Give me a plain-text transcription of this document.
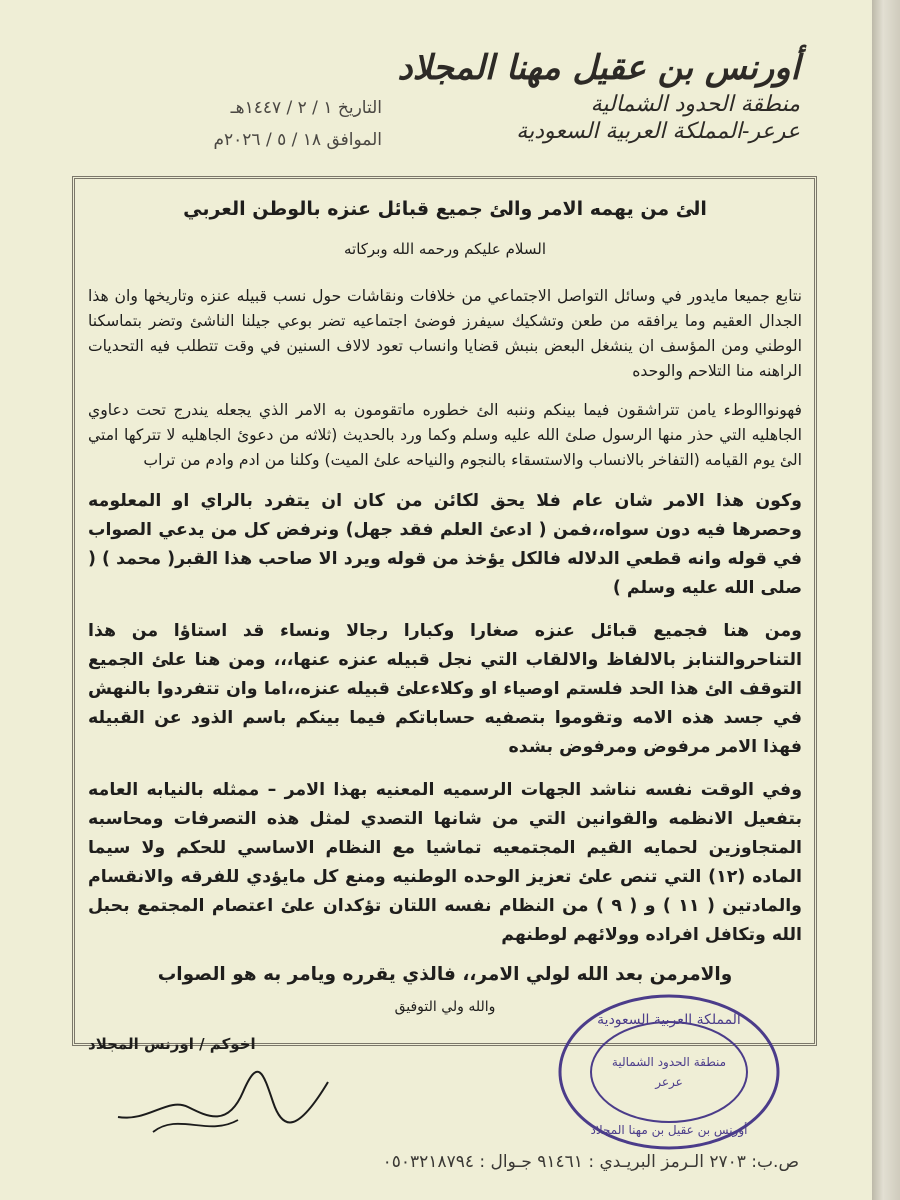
أورنس بن عقيل مهنا المجلاد
منطقة الحدود الشمالية
عرعر-المملكة العربية السعودية
التاريخ ١ / ٢ / ١٤٤٧هـ
الموافق ١٨ / ٥ / ٢٠٢٦م
الئ من يهمه الامر والئ جميع قبائل عنزه بالوطن العربي
السلام عليكم ورحمه الله وبركاته

نتابع جميعا مايدور في وسائل التواصل الاجتماعي من خلافات ونقاشات حول نسب قبيله عنزه وتاريخها وان هذا الجدال العقيم وما يرافقه من طعن وتشكيك سيفرز فوضئ اجتماعيه تضر بوعي جيلنا الناشئ وتضر بتماسكنا الوطني ومن المؤسف ان ينشغل البعض بنبش قضايا وانساب تعود لالاف السنين في وقت تتطلب فيه التحديات الراهنه منا التلاحم والوحده

فهونواالوطء يامن تتراشقون فيما بينكم وننبه الئ خطوره ماتقومون به الامر الذي يجعله يندرج تحت دعاوي الجاهليه التي حذر منها الرسول صلئ الله عليه وسلم وكما ورد بالحديث (ثلاثه من دعوئ الجاهليه لا تتركها امتي الئ يوم القيامه (التفاخر بالانساب والاستسقاء بالنجوم والنياحه علئ الميت) وكلنا من ادم وادم من تراب

وكون هذا الامر شان عام فلا يحق لكائن من كان ان يتفرد بالراي او المعلومه وحصرها فيه دون سواه،،فمن ( ادعئ العلم فقد جهل) ونرفض كل من يدعي الصواب في قوله وانه قطعي الدلاله فالكل يؤخذ من قوله ويرد الا صاحب هذا القبر( محمد ) ( صلى الله عليه وسلم )

ومن هنا فجميع قبائل عنزه صغارا وكبارا رجالا ونساء قد استاؤا من هذا التناحروالتنابز بالالفاظ والالقاب التي نجل قبيله عنزه عنها،،، ومن هنا علئ الجميع التوقف الئ هذا الحد فلستم اوصياء او وكلاءعلئ قبيله عنزه،،اما وان تتفردوا بالنهش في جسد هذه الامه وتقوموا بتصفيه حساباتكم فيما بينكم باسم الذود عن القبيله فهذا الامر مرفوض ومرفوض بشده

وفي الوقت نفسه نناشد الجهات الرسميه المعنيه بهذا الامر – ممثله بالنيابه العامه بتفعيل الانظمه والقوانين التي من شانها التصدي لمثل هذه التصرفات ومحاسبه المتجاوزين لحمايه القيم المجتمعيه تماشيا مع النظام الاساسي للحكم ولا سيما الماده (١٢) التي تنص علئ تعزيز الوحده الوطنيه ومنع كل مايؤدي للفرقه والانقسام والمادتين ( ١١ ) و ( ٩ ) من النظام نفسه اللتان تؤكدان علئ اعتصام المجتمع بحبل الله وتكافل افراده وولائهم لوطنهم

والامرمن بعد الله لولي الامر،، فالذي يقرره ويامر به هو الصواب
والله ولي التوفيق
اخوكم / اورنس المجلاد
المملكة العربية السعودية
منطقة الحدود الشمالية
عرعر
أورنس بن عقيل بن مهنا المجلاد
ص.ب: ٢٧٠٣ الـرمز البريـدي : ٩١٤٦١ جـوال : ٠٥٠٣٢١٨٧٩٤
